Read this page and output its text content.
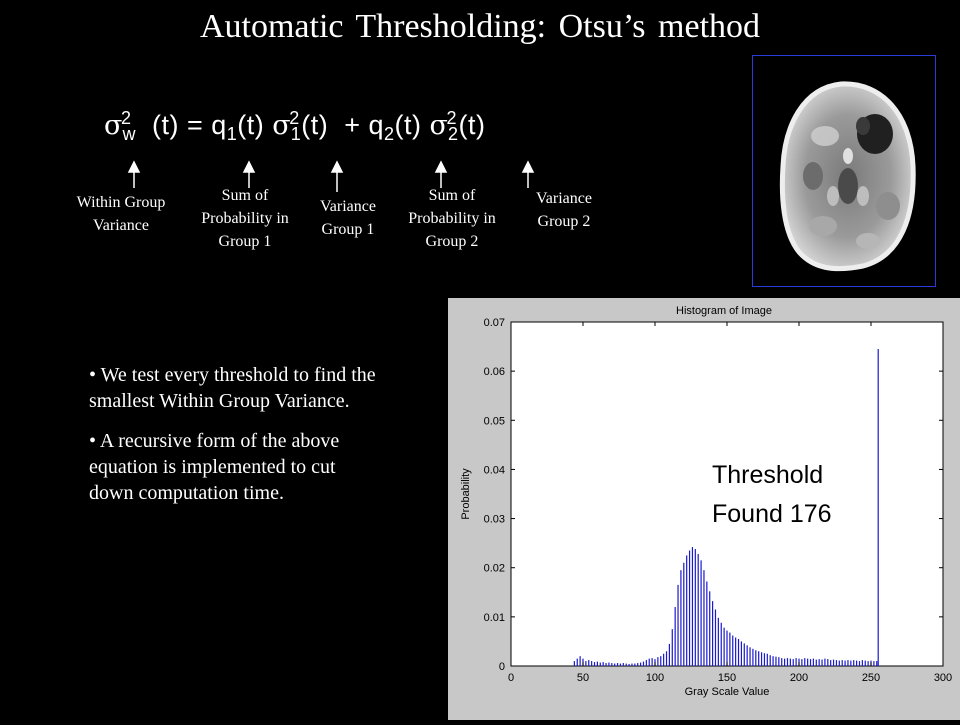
Automatic Thresholding: Otsu’s method
$\sigma^2_w$ $(t) = q_1(t) \sigma^2_1(t) + q_2(t)$ $\sigma^2_2(t)$
Within Group
Variance
Sum of
Probability in
Group 1
Variance
Group 1
Sum of
Probability in
Group 2
Variance
Group 2

• We test every threshold to find the smallest Within Group Variance.

• A recursive form of the above equation is implemented to cut down computation time.

Histogram of Image
0
0.01
0.02
0.03
0.04
0.05
0.06
0.07
0	50	100	150	200	250	300
Gray Scale Value
Probability	Threshold
Found 176
